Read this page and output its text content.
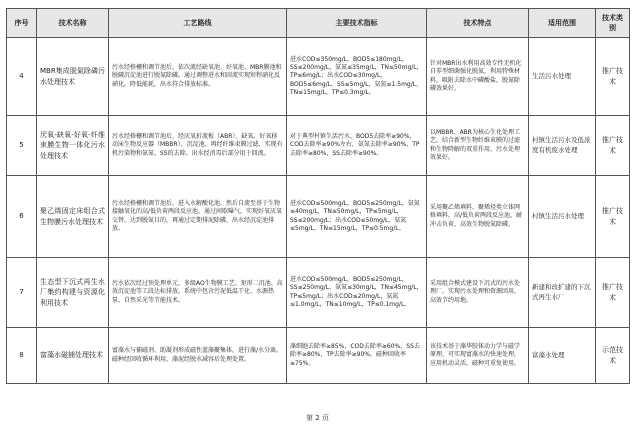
序号	技术名称	工艺路线	主要技术指标	技术特点	适用范围	技术类别
4	MBR集成脱氮除磷污水处理技术	污水经格栅和调节池后，依次流经缺氧池、好氧池、MBR膜池和脱磷沉淀池进行脱氮除磷。通过调整进水和回流实现短程硝化反硝化，降低能耗，出水符合排放标准。	进水COD≤350mg/L，BOD5≤180mg/L，SS≤200mg/L，氨氮≤35mg/L，TN≤50mg/L，TP≤6mg/L；出水COD≤30mg/L，BOD5≤6mg/L，SS≤5mg/L，氨氮≤1.5mg/L，TN≤15mg/L，TP≤0.3mg/L。	针对MBR出水利用高效专性无机化自养型细菌强化脱氮，利用特殊材料，吸附去除水中磷酸盐，脱氮除磷效果好。	生活污水处理	推广技术
5	厌氧-缺氧-好氧-纤维束膜生物一体化污水处理技术	污水经格栅和调节池后，经厌氧折流板（ABR）、缺氧、好氧移动床生物反应器（MBBR）、沉淀池，再经纤维束膜过滤，实现有机污染物和氨氮、SS的去除。出水经消毒后部分用于回流。	对于典型村镇生活污水，BOD5去除率≥90%，COD去除率≥90%左右，氨氮去除率≥90%，TP去除率≥80%，SS去除率≥90%。	以MBBR、ABR为核心生化处理工艺，结合新型生物纤维束膜的过滤和生物降解的双重作用，污水处理效果好。	村镇生活污水及低浓度有机废水处理	推广技术
6	聚乙烯固定床组合式生物膜污水处理技术	污水经格栅和调节池后，进入水解酸化池，然后自流至基于生物接触氧化的高/低负荷两段反应池，通过间歇曝气，实现好氧厌氧交替，达到脱氮目的，再通过定期排泥除磷，出水经沉淀池排放。	进水COD≤500mg/L，BOD5≤250mg/L，氨氮≤40mg/L，TN≤50mg/L，TP≤5mg/L，SS≤200mg/L；出水COD≤50mg/L，氨氮≤5mg/L，TN≤15mg/L，TP≤0.5mg/L。	采用聚乙烯填料、聚烯烃类立体网格填料，高/低负荷两段反应池，耐冲击负荷，高效生物脱氮除磷。	村镇生活污水处理	推广技术
7	生态型下沉式再生水厂集约构建与资源化利用技术	污水依次经过预处理单元、多级AO生物膜工艺、矩形二沉池、高效沉淀池等工段达标排放。系统中包含污泥低温干化、水源热泵、自然采光等节能技术。	进水COD≤500mg/L，BOD5≤250mg/L，SS≤250mg/L，氨氮≤30mg/L，TN≤45mg/L，TP≤5mg/L；出水COD≤20mg/L，氨氮≤1.0mg/L，TN≤10mg/L，TP≤0.1mg/L。	采用组合模式建设下沉式的污水处理厂，实现污水处理和资源回用，高效节约用地。	新建和改扩建的下沉式再生水厂	推广技术
8	富藻水磁捕处理技术	富藻水与捕磁剂、助凝剂形成磁性蓝藻聚集体，进行藻/水分离。磁种经回收循环利用，藻泥经脱水减容后处理处置。	藻细胞去除率≥85%，COD去除率≥60%，SS去除率≥80%，TP去除率≥90%，磁种回收率≥75%。	该技术基于藻华胶体动力学与磁学原理，可实现富藻水的快速处理，应用机动灵活，磁种可重复使用。	富藻水处理	示范技术
第 2 页
